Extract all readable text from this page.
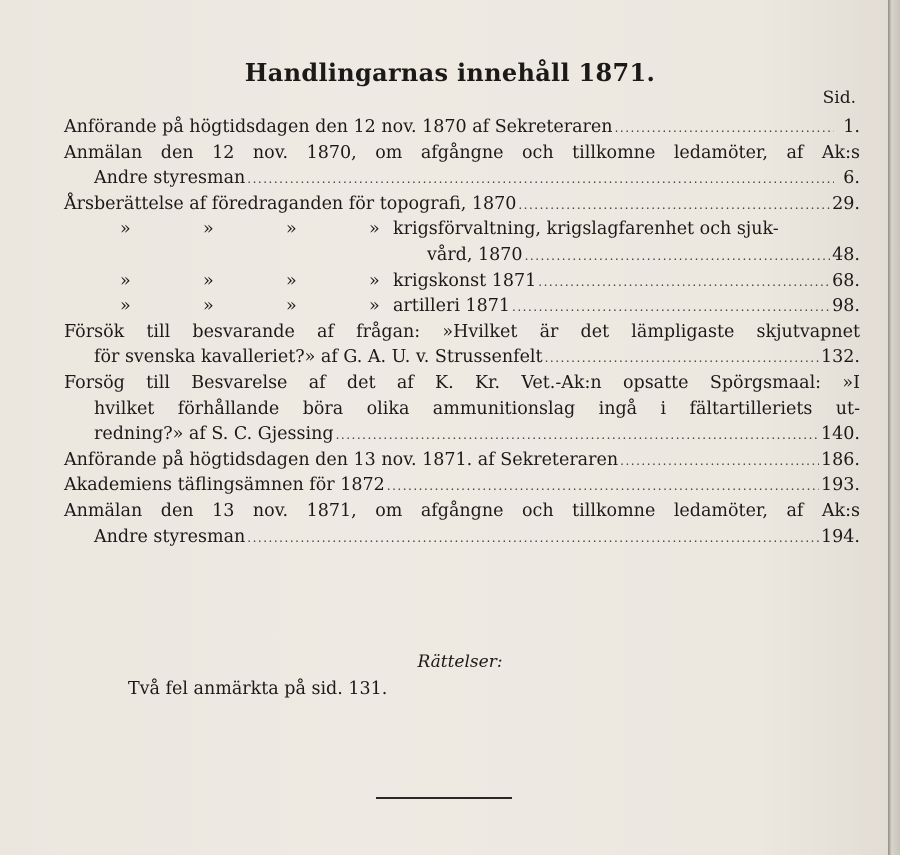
Handlingarnas innehåll 1871.
Sid.
Anförande på högtidsdagen den 12 nov. 1870 af Sekreteraren .....	1.
Anmälan den 12 nov. 1870, om afgångne och tillkomne ledamöter, af Ak:s
Andre styresman .....	6.
Årsberättelse af föredraganden för topografi, 1870 .....	29.
»	»	»	» krigsförvaltning, krigslagfarenhet och sjuk-
vård, 1870 .....	48.
»	»	»	» krigskonst 1871 .....	68.
»	»	»	» artilleri 1871 .....	98.
Försök till besvarande af frågan: »Hvilket är det lämpligaste skjutvapnet
för svenska kavalleriet?» af G. A. U. v. Strussenfelt .....	132.
Forsög till Besvarelse af det af K. Kr. Vet.-Ak:n opsatte Spörgsmaal: »I
hvilket förhållande böra olika ammunitionslag ingå i fältartilleriets ut-
redning?» af S. C. Gjessing .....	140.
Anförande på högtidsdagen den 13 nov. 1871. af Sekreteraren .....	186.
Akademiens täflingsämnen för 1872 .....	193.
Anmälan den 13 nov. 1871, om afgångne och tillkomne ledamöter, af Ak:s
Andre styresman .....	194.
Rättelser:
Två fel anmärkta på sid. 131.
